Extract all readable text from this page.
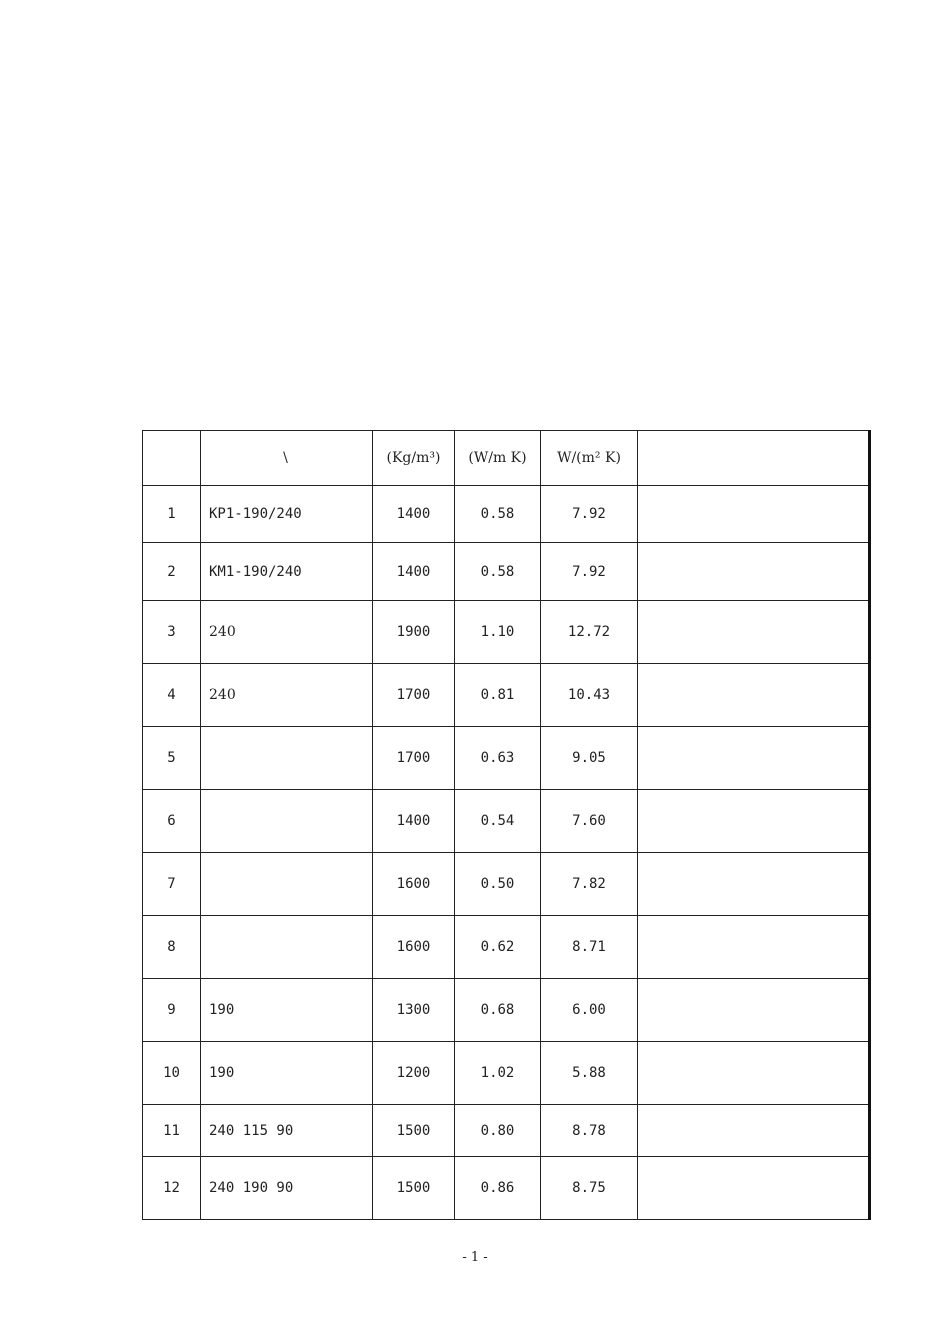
	\	(Kg/m³)	(W/m K)	W/(m² K)	

1	KP1-190/240	1400	0.58	7.92	
2	KM1-190/240	1400	0.58	7.92	
3	240	1900	1.10	12.72	
4	240	1700	0.81	10.43	
5		1700	0.63	9.05	
6		1400	0.54	7.60	
7		1600	0.50	7.82	
8		1600	0.62	8.71	
9	190	1300	0.68	6.00	
10	190	1200	1.02	5.88	
11	240 115 90	1500	0.80	8.78	
12	240 190 90	1500	0.86	8.75	
- 1 -
